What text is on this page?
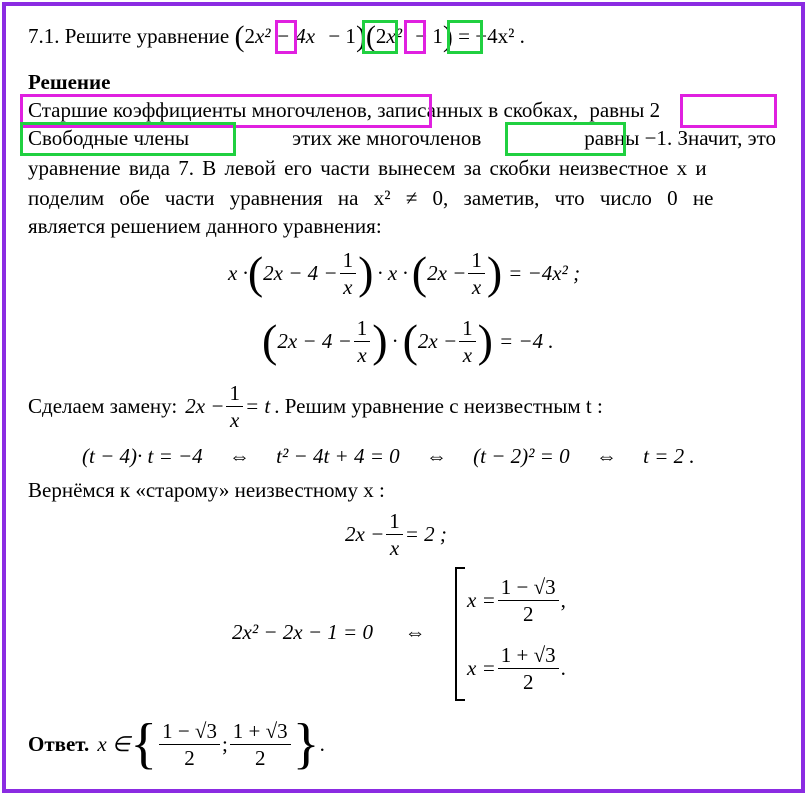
7.1. Решите уравнение (2x² − 4x − 1)(2x² − 1) = −4x² .
Решение
Старшие коэффициенты многочленов, записанных в скобках, равны 2
Свободные члены	этих же многочленов	равны −1. Значит, это
уравнение вида 7. В левой его части вынесем за скобки неизвестное x и
поделим обе части уравнения на x² ≠ 0, заметив, что число 0 не
является решением данного уравнения:
x · ( $2x - 4 - \frac{1}{x}$ ) · x · ( $2x - \frac{1}{x}$ ) = −4x² ;
( $2x - 4 - \frac{1}{x}$ ) · ( $2x - \frac{1}{x}$ ) = −4 .
Сделаем замену: $2x - \frac{1}{x} = t$ . Решим уравнение с неизвестным t :
(t − 4)· t = −4     ⇔     t² − 4t + 4 = 0     ⇔     (t − 2)² = 0     ⇔     t = 2 .
Вернёмся к «старому» неизвестному x :
$2x - \frac{1}{x} = 2$ ;
2x² − 2x − 1 = 0      ⇔
$x = \frac{1 - √3}{2}$ ,
$x = \frac{1 + √3}{2}$ .
Ответ. x ∈ { $\frac{1 - √3}{2}$ ; $\frac{1 + √3}{2}$ } .
